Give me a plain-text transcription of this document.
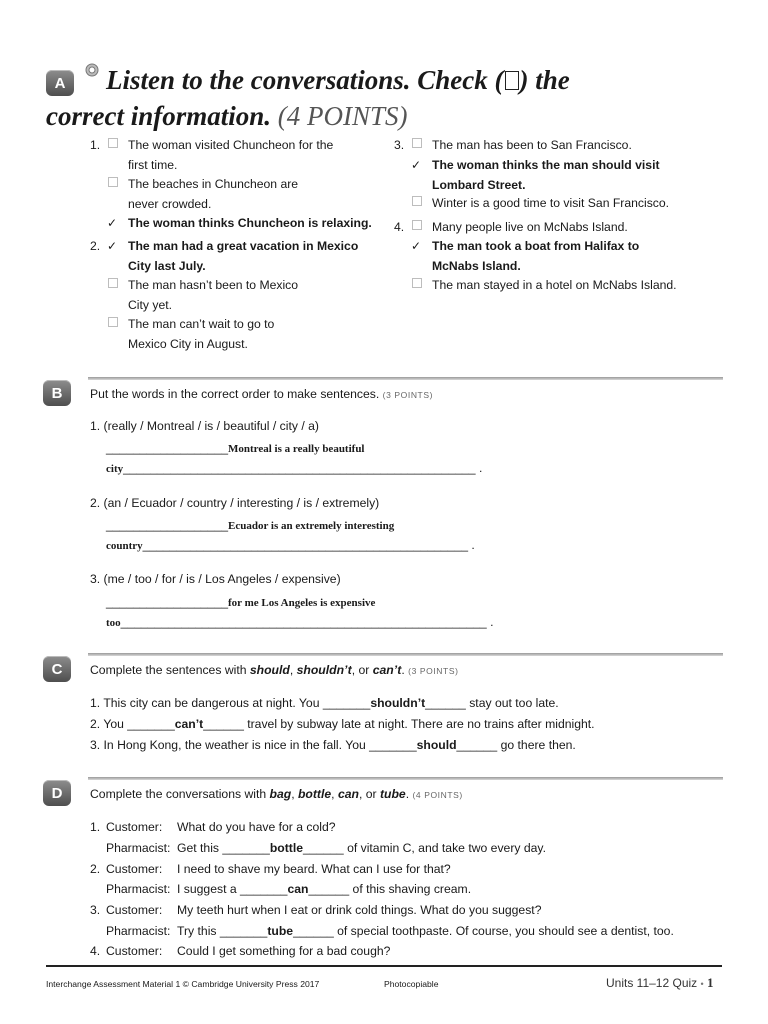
A	Listen to the conversations. Check ( ) the
correct information. (4 POINTS)
1. The woman visited Chuncheon for the
first time.
The beaches in Chuncheon are
never crowded.
✓ The woman thinks Chuncheon is relaxing.
2. ✓ The man had a great vacation in Mexico
City last July.
The man hasn’t been to Mexico
City yet.
The man can’t wait to go to
Mexico City in August.
3. The man has been to San Francisco.
✓ The woman thinks the man should visit
Lombard Street.
Winter is a good time to visit San Francisco.
4. Many people live on McNabs Island.
✓ The man took a boat from Halifax to
McNabs Island.
The man stayed in a hotel on McNabs Island.
B	Put the words in the correct order to make sentences. (3 POINTS)
1. (really / Montreal / is / beautiful / city / a)
__________________Montreal is a really beautiful
city____________________________________________________ .
2. (an / Ecuador / country / interesting / is / extremely)
__________________Ecuador is an extremely interesting
country________________________________________________ .
3. (me / too / for / is / Los Angeles / expensive)
__________________for me Los Angeles is expensive
too______________________________________________________ .
C	Complete the sentences with should, shouldn’t, or can’t. (3 POINTS)
1. This city can be dangerous at night. You _______shouldn’t______ stay out too late.
2. You _______can’t______ travel by subway late at night. There are no trains after midnight.
3. In Hong Kong, the weather is nice in the fall. You _______should______ go there then.
D	Complete the conversations with bag, bottle, can, or tube. (4 POINTS)
1. Customer: What do you have for a cold?
Pharmacist: Get this _______bottle______ of vitamin C, and take two every day.
2. Customer: I need to shave my beard. What can I use for that?
Pharmacist: I suggest a _______can______ of this shaving cream.
3. Customer: My teeth hurt when I eat or drink cold things. What do you suggest?
Pharmacist: Try this _______tube______ of special toothpaste. Of course, you should see a dentist, too.
4. Customer: Could I get something for a bad cough?
Interchange Assessment Material 1 © Cambridge University Press 2017	Photocopiable	Units 11–12 Quiz • 1
